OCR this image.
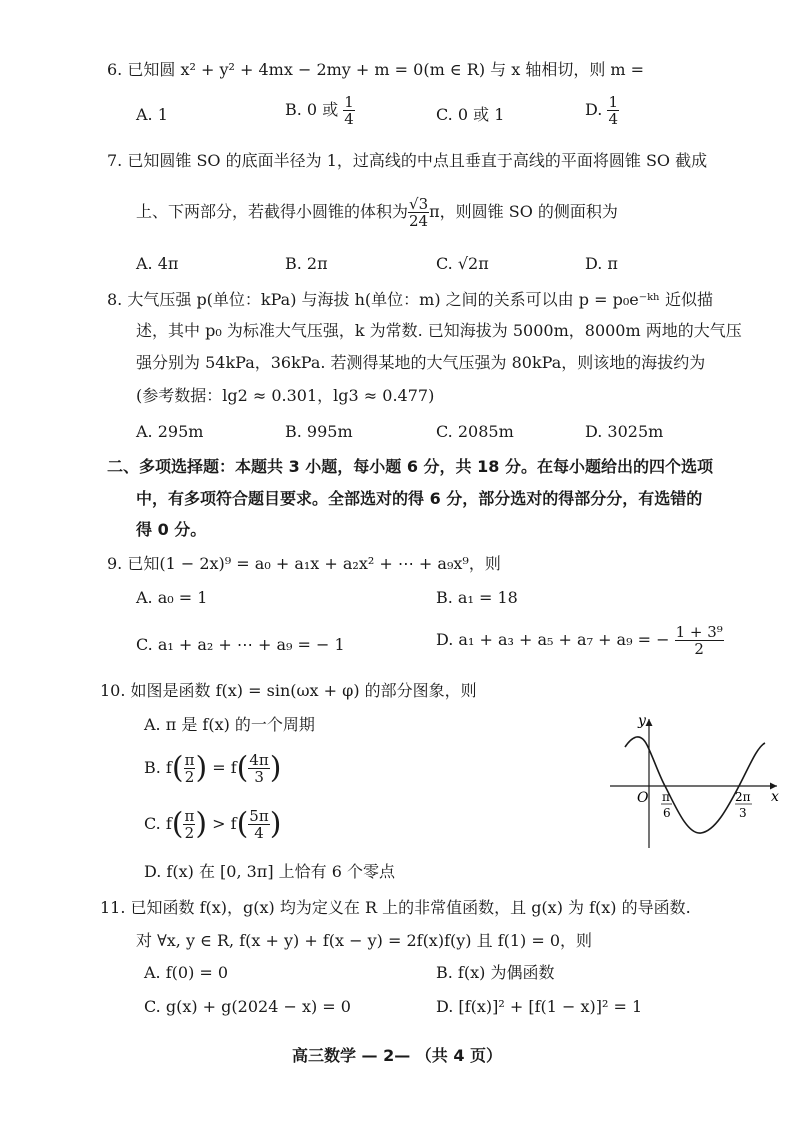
6. 已知圆 x² + y² + 4mx − 2my + m = 0(m ∈ R) 与 x 轴相切，则 m =
A. 1	B. 0 或 $\frac{1}{4}$	C. 0 或 1	D. $\frac{1}{4}$
7. 已知圆锥 SO 的底面半径为 1，过高线的中点且垂直于高线的平面将圆锥 SO 截成
上、下两部分，若截得小圆锥的体积为 $\frac{√3}{24}$ π，则圆锥 SO 的侧面积为
A. 4π	B. 2π	C. √2π	D. π
8. 大气压强 p(单位：kPa) 与海拔 h(单位：m) 之间的关系可以由 p = p₀e⁻ᵏʰ 近似描
述，其中 p₀ 为标准大气压强，k 为常数. 已知海拔为 5000m，8000m 两地的大气压
强分别为 54kPa，36kPa. 若测得某地的大气压强为 80kPa，则该地的海拔约为
(参考数据：lg2 ≈ 0.301，lg3 ≈ 0.477)
A. 295m	B. 995m	C. 2085m	D. 3025m
二、多项选择题：本题共 3 小题，每小题 6 分，共 18 分。在每小题给出的四个选项
中，有多项符合题目要求。全部选对的得 6 分，部分选对的得部分分，有选错的
得 0 分。
9. 已知(1 − 2x)⁹ = a₀ + a₁x + a₂x² + ⋯ + a₉x⁹，则
A. a₀ = 1	B. a₁ = 18
C. a₁ + a₂ + ⋯ + a₉ = − 1	D. a₁ + a₃ + a₅ + a₇ + a₉ = − $\frac{\text{1 + 3⁹}}{2}$
10. 如图是函数 f(x) = sin(ωx + φ) 的部分图象，则
A. π 是 f(x) 的一个周期
B. $f( \frac{\pi}{2}$ ) = $f( \frac{4\pi}{3}$ )
C. $f( \frac{\pi}{2}$ ) > $f( \frac{5\pi}{4}$ )
D. f(x) 在 [0, 3π] 上恰有 6 个零点
y
x
O π
6
2π
3
11. 已知函数 f(x)，g(x) 均为定义在 R 上的非常值函数，且 g(x) 为 f(x) 的导函数.
对 ∀x, y ∈ R, f(x + y) + f(x − y) = 2f(x)f(y) 且 f(1) = 0，则
A. f(0) = 0	B. f(x) 为偶函数
C. g(x) + g(2024 − x) = 0	D. [f(x)]² + [f(1 − x)]² = 1
高三数学 — 2— （共 4 页）
